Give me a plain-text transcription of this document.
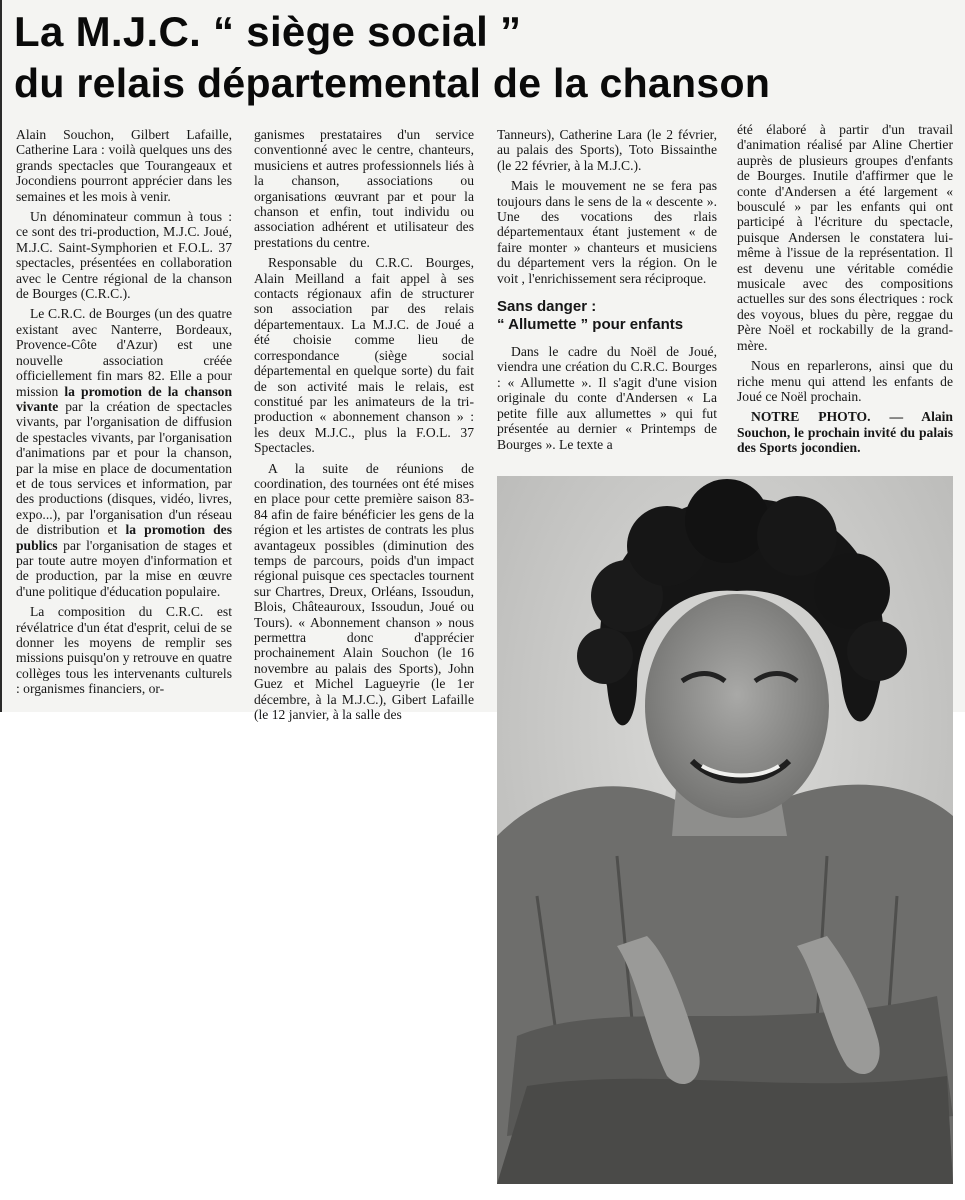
La M.J.C. “ siège social ”
du relais départemental de la chanson

Alain Souchon, Gilbert Lafaille, Catherine Lara : voilà quelques uns des grands spectacles que Tourangeaux et Jocondiens pourront apprécier dans les semaines et les mois à venir.

Un dénominateur commun à tous : ce sont des tri-production, M.J.C. Joué, M.J.C. Saint-Symphorien et F.O.L. 37 spectacles, présentées en collaboration avec le Centre régional de la chanson de Bourges (C.R.C.).

Le C.R.C. de Bourges (un des quatre existant avec Nanterre, Bordeaux, Provence-Côte d'Azur) est une nouvelle association créée officiellement fin mars 82. Elle a pour mission la promotion de la chanson vivante par la création de spectacles vivants, par l'organisation de diffusion de spestacles vivants, par l'organisation d'animations par et pour la chanson, par la mise en place de documentation et de tous services et information, par des productions (disques, vidéo, livres, expo...), par l'organisation d'un réseau de distribution et la promotion des publics par l'organisation de stages et par toute autre moyen d'information et de production, par la mise en œuvre d'une politique d'éducation populaire.

La composition du C.R.C. est révélatrice d'un état d'esprit, celui de se donner les moyens de remplir ses missions puisqu'on y retrouve en quatre collèges tous les intervenants culturels : organismes financiers, or-

ganismes prestataires d'un service conventionné avec le centre, chanteurs, musiciens et autres professionnels liés à la chanson, associations ou organisations œuvrant par et pour la chanson et enfin, tout individu ou association adhérent et utilisateur des prestations du centre.

Responsable du C.R.C. Bourges, Alain Meilland a fait appel à ses contacts régionaux afin de structurer son association par des relais départementaux. La M.J.C. de Joué a été choisie comme lieu de correspondance (siège social départemental en quelque sorte) du fait de son activité mais le relais, est constitué par les animateurs de la tri-production « abonnement chanson » : les deux M.J.C., plus la F.O.L. 37 Spectacles.

A la suite de réunions de coordination, des tournées ont été mises en place pour cette première saison 83-84 afin de faire bénéficier les gens de la région et les artistes de contrats les plus avantageux possibles (diminution des temps de parcours, poids d'un impact régional puisque ces spectacles tournent sur Chartres, Dreux, Orléans, Issoudun, Blois, Châteauroux, Issoudun, Joué ou Tours). « Abonnement chanson » nous permettra donc d'apprécier prochainement Alain Souchon (le 16 novembre au palais des Sports), John Guez et Michel Lagueyrie (le 1er décembre, à la M.J.C.), Gibert Lafaille (le 12 janvier, à la salle des

Tanneurs), Catherine Lara (le 2 février, au palais des Sports), Toto Bissainthe (le 22 février, à la M.J.C.).

Mais le mouvement ne se fera pas toujours dans le sens de la « descente ». Une des vocations des rlais départementaux étant justement « de faire monter » chanteurs et musiciens du département vers la région. On le voit , l'enrichissement sera réciproque.

Sans danger :
“ Allumette ” pour enfants

Dans le cadre du Noël de Joué, viendra une création du C.R.C. Bourges : « Allumette ». Il s'agit d'une vision originale du conte d'Andersen « La petite fille aux allumettes » qui fut présentée au dernier « Printemps de Bourges ». Le texte a

été élaboré à partir d'un travail d'animation réalisé par Aline Chertier auprès de plusieurs groupes d'enfants de Bourges. Inutile d'affirmer que le conte d'Andersen a été largement « bousculé » par les enfants qui ont participé à l'écriture du spectacle, puisque Andersen le constatera lui-même à l'issue de la représentation. Il est devenu une véritable comédie musicale avec des compositions actuelles sur des sons électriques : rock des voyous, blues du père, reggae du Père Noël et rockabilly de la grand-mère.

Nous en reparlerons, ainsi que du riche menu qui attend les enfants de Joué ce Noël prochain.

NOTRE PHOTO. — Alain Souchon, le prochain invité du palais des Sports jocondien.
